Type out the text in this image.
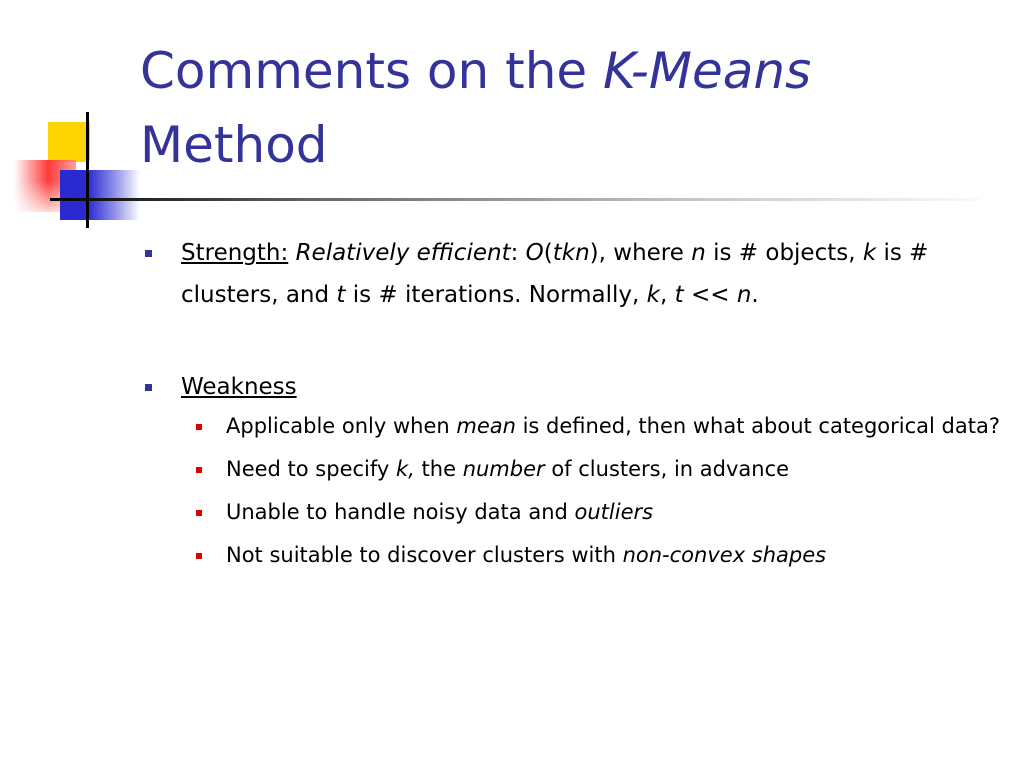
Comments on the K-Means
Method
Strength: Relatively efficient: O(tkn), where n is # objects, k is # clusters, and t is # iterations. Normally, k, t << n.
Weakness
Applicable only when mean is defined, then what about categorical data?
Need to specify k, the number of clusters, in advance
Unable to handle noisy data and outliers
Not suitable to discover clusters with non-convex shapes
